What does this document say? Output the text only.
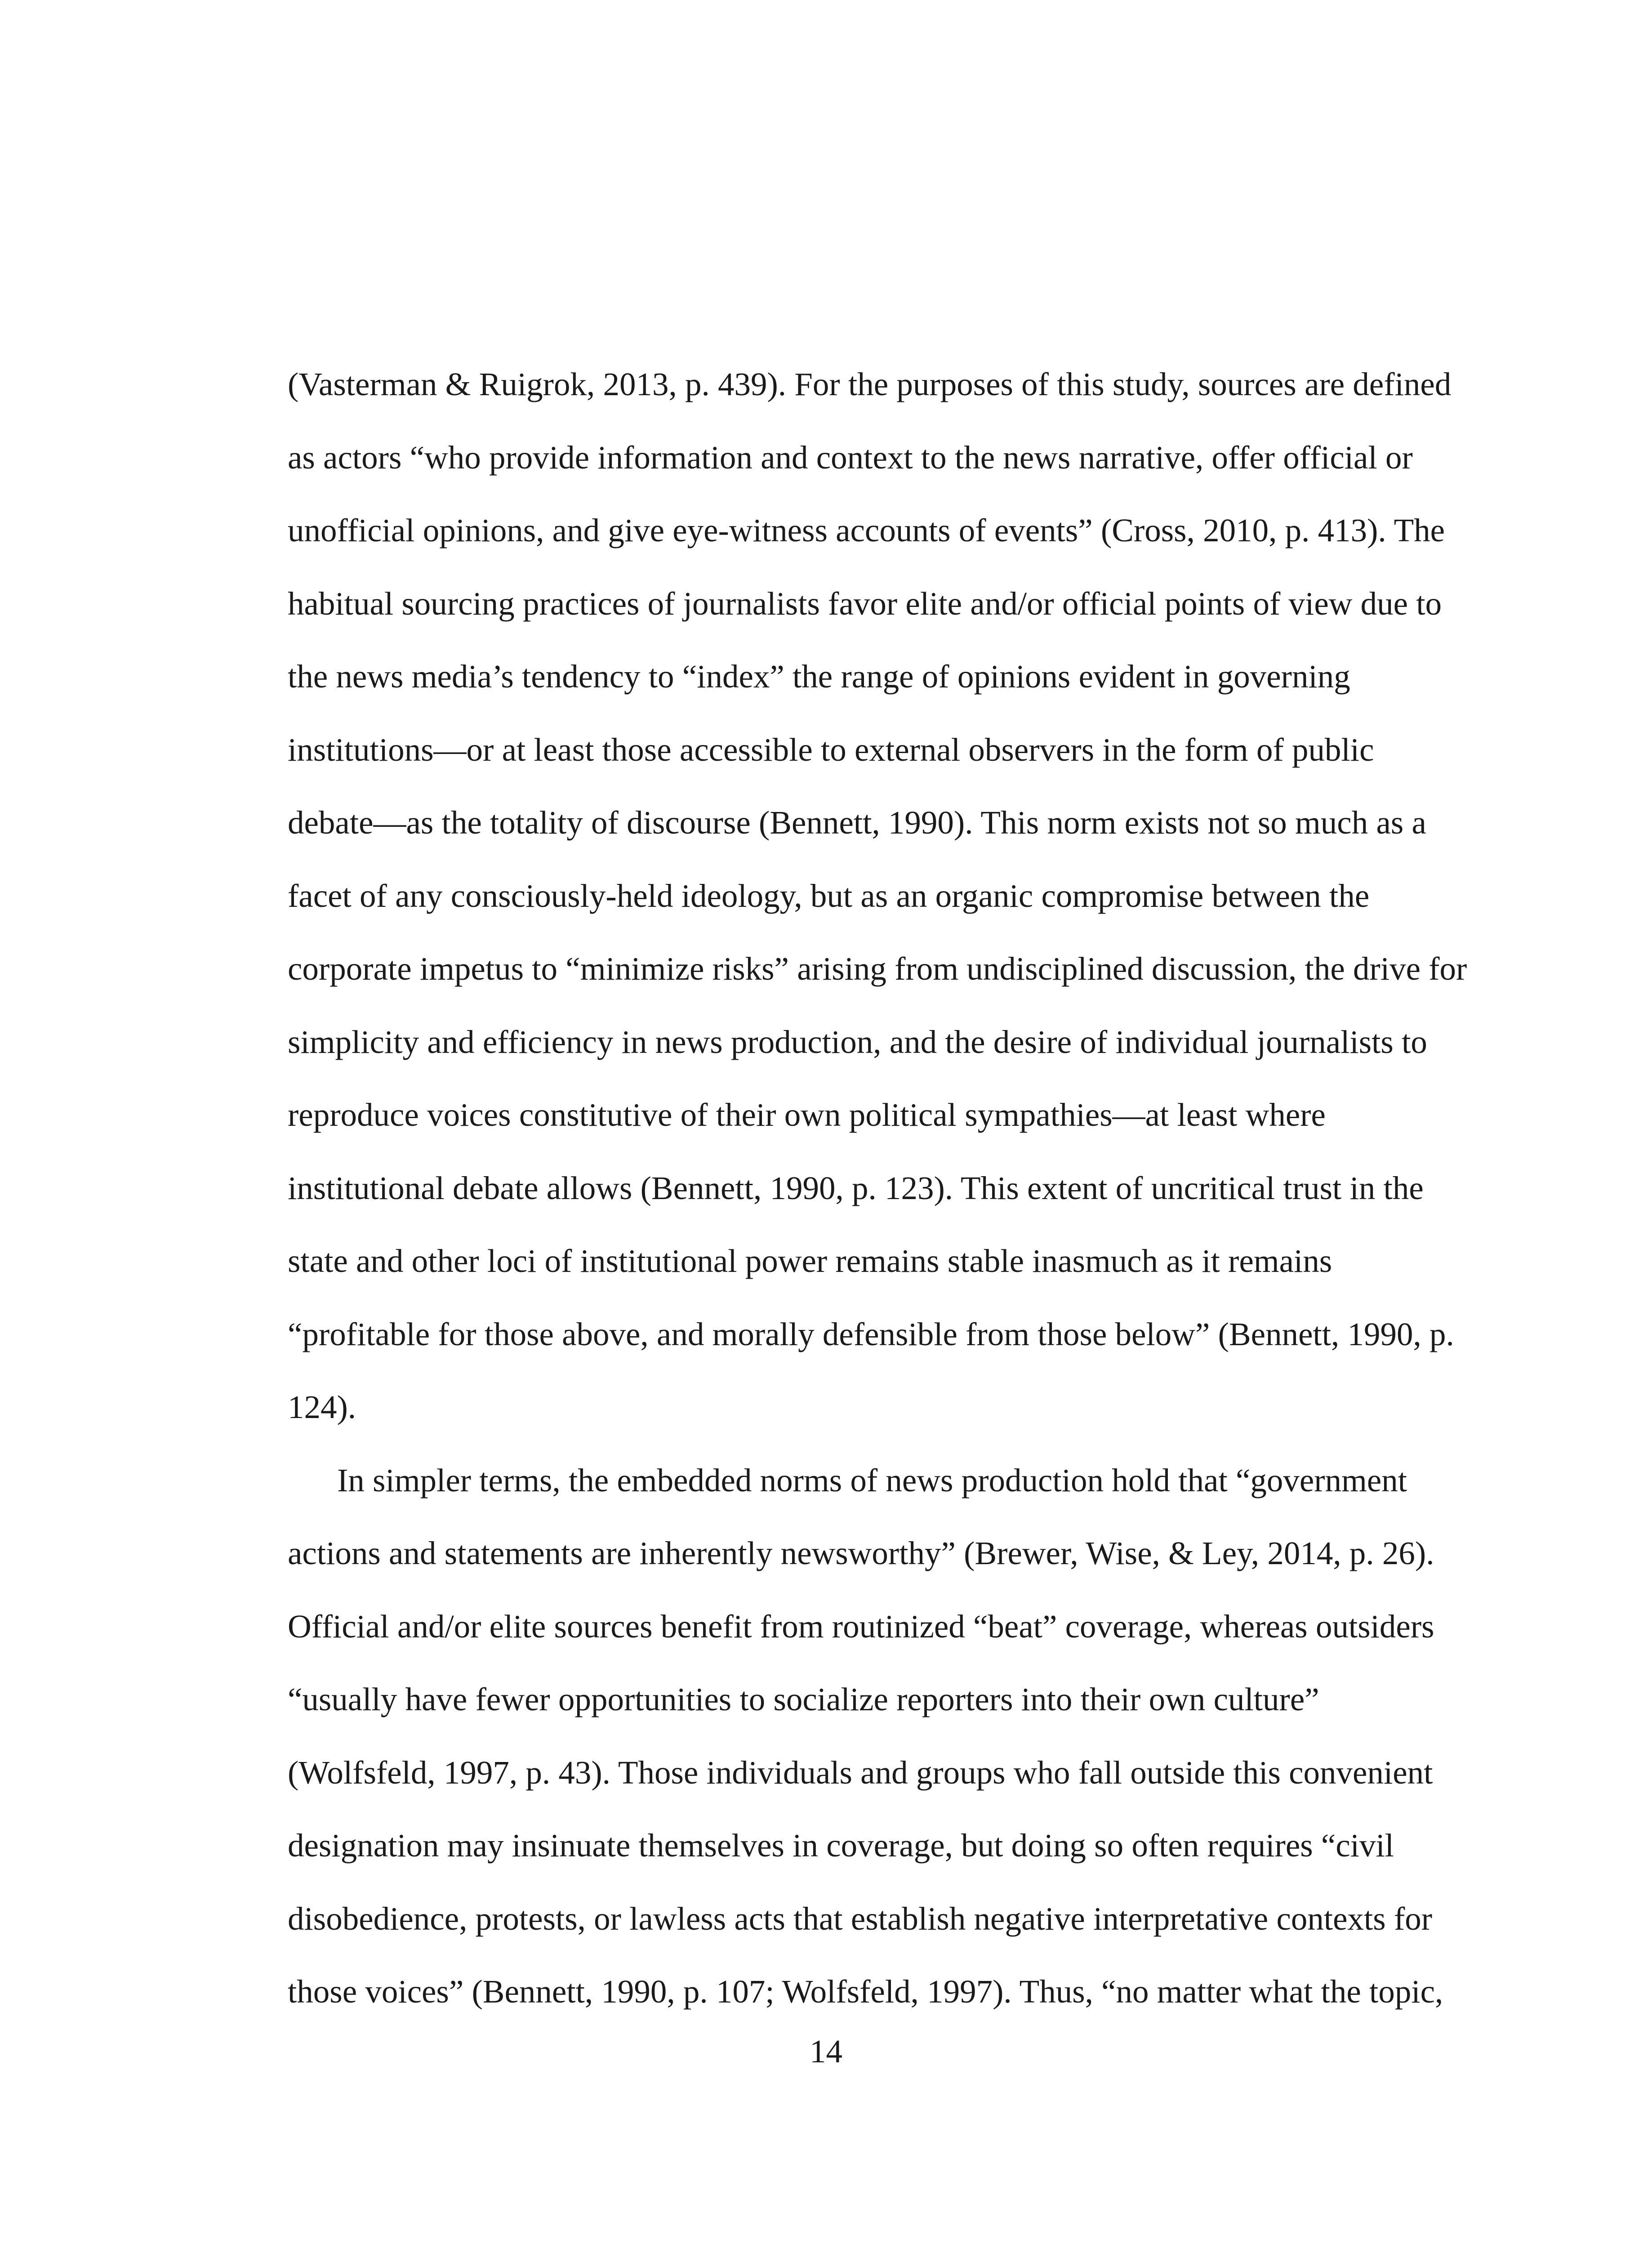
(Vasterman & Ruigrok, 2013, p. 439). For the purposes of this study, sources are defined
as actors “who provide information and context to the news narrative, offer official or
unofficial opinions, and give eye-witness accounts of events” (Cross, 2010, p. 413). The
habitual sourcing practices of journalists favor elite and/or official points of view due to
the news media’s tendency to “index” the range of opinions evident in governing
institutions—or at least those accessible to external observers in the form of public
debate—as the totality of discourse (Bennett, 1990). This norm exists not so much as a
facet of any consciously-held ideology, but as an organic compromise between the
corporate impetus to “minimize risks” arising from undisciplined discussion, the drive for
simplicity and efficiency in news production, and the desire of individual journalists to
reproduce voices constitutive of their own political sympathies—at least where
institutional debate allows (Bennett, 1990, p. 123). This extent of uncritical trust in the
state and other loci of institutional power remains stable inasmuch as it remains
“profitable for those above, and morally defensible from those below” (Bennett, 1990, p.
124).
In simpler terms, the embedded norms of news production hold that “government
actions and statements are inherently newsworthy” (Brewer, Wise, & Ley, 2014, p. 26).
Official and/or elite sources benefit from routinized “beat” coverage, whereas outsiders
“usually have fewer opportunities to socialize reporters into their own culture”
(Wolfsfeld, 1997, p. 43). Those individuals and groups who fall outside this convenient
designation may insinuate themselves in coverage, but doing so often requires “civil
disobedience, protests, or lawless acts that establish negative interpretative contexts for
those voices” (Bennett, 1990, p. 107; Wolfsfeld, 1997). Thus, “no matter what the topic,
14
